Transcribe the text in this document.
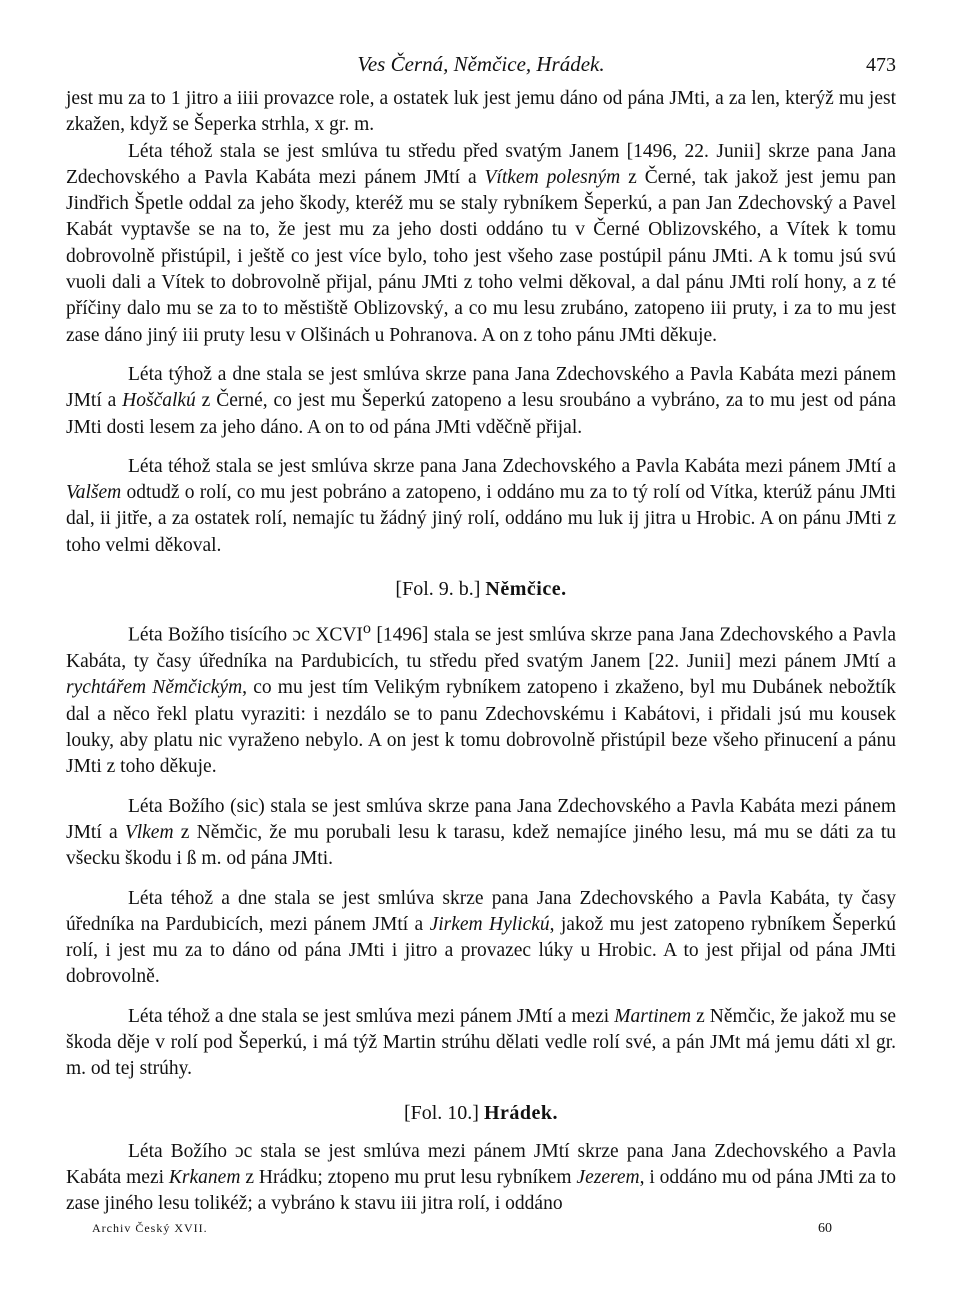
Ves Černá, Němčice, Hrádek.	473

jest mu za to 1 jitro a iiii provazce role, a ostatek luk jest jemu dáno od pána JMti, a za len, kterýž mu jest zkažen, když se Šeperka strhla, x gr. m.

Léta téhož stala se jest smlúva tu středu před svatým Janem [1496, 22. Junii] skrze pana Jana Zdechovského a Pavla Kabáta mezi pánem JMtí a Vítkem polesným z Černé, tak jakož jest jemu pan Jindřich Špetle oddal za jeho škody, kteréž mu se staly rybníkem Šeperkú, a pan Jan Zdechovský a Pavel Kabát vyptavše se na to, že jest mu za jeho dosti oddáno tu v Černé Oblizovského, a Vítek k tomu dobrovolně přistúpil, i ještě co jest více bylo, toho jest všeho zase postúpil pánu JMti. A k tomu jsú svú vuoli dali a Vítek to dobrovolně přijal, pánu JMti z toho velmi děkoval, a dal pánu JMti rolí hony, a z té příčiny dalo mu se za to to městiště Oblizovský, a co mu lesu zrubáno, zatopeno iii pruty, i za to mu jest zase dáno jiný iii pruty lesu v Olšinách u Pohranova. A on z toho pánu JMti děkuje.

Léta týhož a dne stala se jest smlúva skrze pana Jana Zdechovského a Pavla Kabáta mezi pánem JMtí a Hoščalkú z Černé, co jest mu Šeperkú zatopeno a lesu sroubáno a vybráno, za to mu jest od pána JMti dosti lesem za jeho dáno. A on to od pána JMti vděčně přijal.

Léta téhož stala se jest smlúva skrze pana Jana Zdechovského a Pavla Kabáta mezi pánem JMtí a Valšem odtudž o rolí, co mu jest pobráno a zatopeno, i oddáno mu za to tý rolí od Vítka, kterúž pánu JMti dal, ii jitře, a za ostatek rolí, nemajíc tu žádný jiný rolí, oddáno mu luk ij jitra u Hrobic. A on pánu JMti z toho velmi děkoval.

[Fol. 9. b.] Němčice.

Léta Božího tisícího ɔc XCVI$^o$ [1496] stala se jest smlúva skrze pana Jana Zdechovského a Pavla Kabáta, ty časy úředníka na Pardubicích, tu středu před svatým Janem [22. Junii] mezi pánem JMtí a rychtářem Němčickým, co mu jest tím Velikým rybníkem zatopeno i zkaženo, byl mu Dubánek nebožtík dal a něco řekl platu vyraziti: i nezdálo se to panu Zdechovskému i Kabátovi, i přidali jsú mu kousek louky, aby platu nic vyraženo nebylo. A on jest k tomu dobrovolně přistúpil beze všeho přinucení a pánu JMti z toho děkuje.

Léta Božího (sic) stala se jest smlúva skrze pana Jana Zdechovského a Pavla Kabáta mezi pánem JMtí a Vlkem z Němčic, že mu porubali lesu k tarasu, kdež nemajíce jiného lesu, má mu se dáti za tu všecku škodu i ß m. od pána JMti.

Léta téhož a dne stala se jest smlúva skrze pana Jana Zdechovského a Pavla Kabáta, ty časy úředníka na Pardubicích, mezi pánem JMtí a Jirkem Hylickú, jakož mu jest zatopeno rybníkem Šeperkú rolí, i jest mu za to dáno od pána JMti i jitro a provazec lúky u Hrobic. A to jest přijal od pána JMti dobrovolně.

Léta téhož a dne stala se jest smlúva mezi pánem JMtí a mezi Martinem z Němčic, že jakož mu se škoda děje v rolí pod Šeperkú, i má týž Martin strúhu dělati vedle rolí své, a pán JMt má jemu dáti xl gr. m. od tej strúhy.

[Fol. 10.] Hrádek.

Léta Božího ɔc stala se jest smlúva mezi pánem JMtí skrze pana Jana Zdechovského a Pavla Kabáta mezi Krkanem z Hrádku; ztopeno mu prut lesu rybníkem Jezerem, i oddáno mu od pána JMti za to zase jiného lesu tolikéž; a vybráno k stavu iii jitra rolí, i oddáno

Archiv Český XVII.	60
